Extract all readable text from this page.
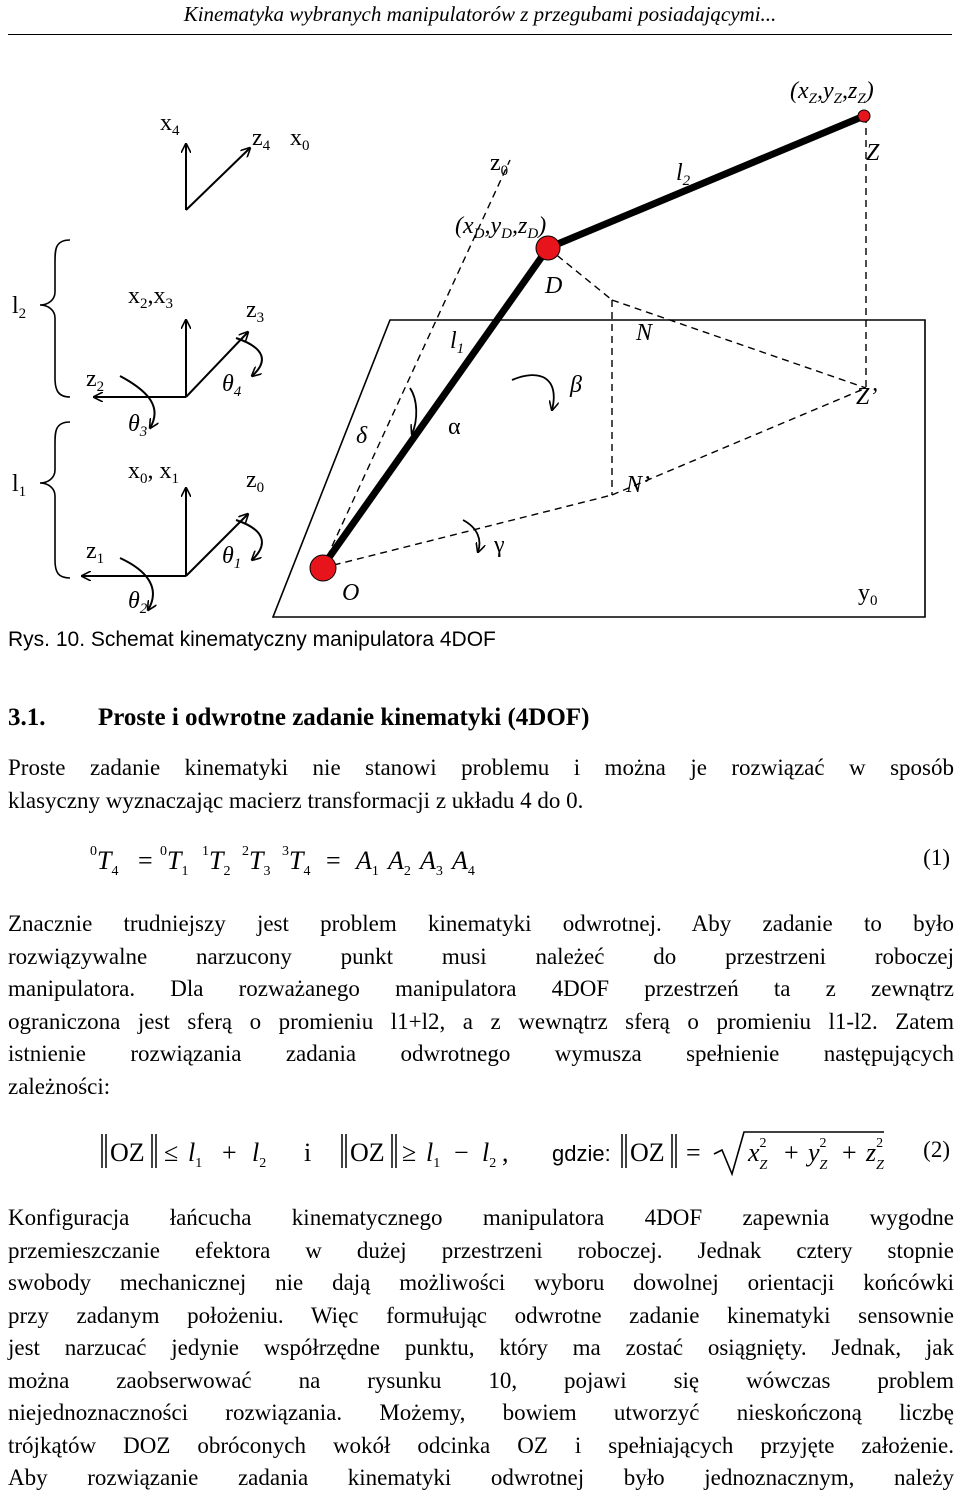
Kinematyka wybranych manipulatorów z przegubami posiadającymi...
$x_4$	$z_4$ $x_0$
$z_0$
$x_2,x_3$	$z_3$
$z_2$	$\theta_4$
$\theta_3$
$x_0$, $x_1$	$z_0$
$z_1$	$\theta_1$
$\theta_2$
$l_2$
$l_1$
$(x_D,y_D,z_D)$
$(x_Z,y_Z,z_Z)$
Z
$l_2$
D
N
$l_1$
β	Z’
α
δ
N’
γ
O	$y_0$
Rys. 10. Schemat kinematyczny manipulatora 4DOF
3.1. Proste i odwrotne zadanie kinematyki (4DOF)
Proste zadanie kinematyki nie stanowi problemu i można je rozwiązać w sposób
klasyczny wyznaczając macierz transformacji z układu 4 do 0.
$0T_4 = ^0T_1$
$^1T_2$
$^2T_3$
$^3T_4 = A_1$ $A_2$ $A_3$ $A_4$
(1)
Znacznie trudniejszy jest problem kinematyki odwrotnej. Aby zadanie to było
rozwiązywalne narzucony punkt musi należeć do przestrzeni roboczej
manipulatora. Dla rozważanego manipulatora 4DOF przestrzeń ta z zewnątrz
ograniczona jest sferą o promieniu l1+l2, a z wewnątrz sferą o promieniu l1-l2. Zatem
istnienie rozwiązania zadania odwrotnego wymusza spełnienie następujących
zależności:
OZ ≤ $l_1 + l_2$ i OZ ≥ $l_1 - l_2$ , gdzie: OZ = $x^2$ $Z + y^2$ $Z + z^2$ Z
(2)
Konfiguracja łańcucha kinematycznego manipulatora 4DOF zapewnia wygodne
przemieszczanie efektora w dużej przestrzeni roboczej. Jednak cztery stopnie
swobody mechanicznej nie dają możliwości wyboru dowolnej orientacji końcówki
przy zadanym położeniu. Więc formułując odwrotne zadanie kinematyki sensownie
jest narzucać jedynie współrzędne punktu, który ma zostać osiągnięty. Jednak, jak
można zaobserwować na rysunku 10, pojawi się wówczas problem
niejednoznaczności rozwiązania. Możemy, bowiem utworzyć nieskończoną liczbę
trójkątów DOZ obróconych wokół odcinka OZ i spełniających przyjęte założenie.
Aby rozwiązanie zadania kinematyki odwrotnej było jednoznacznym, należy
